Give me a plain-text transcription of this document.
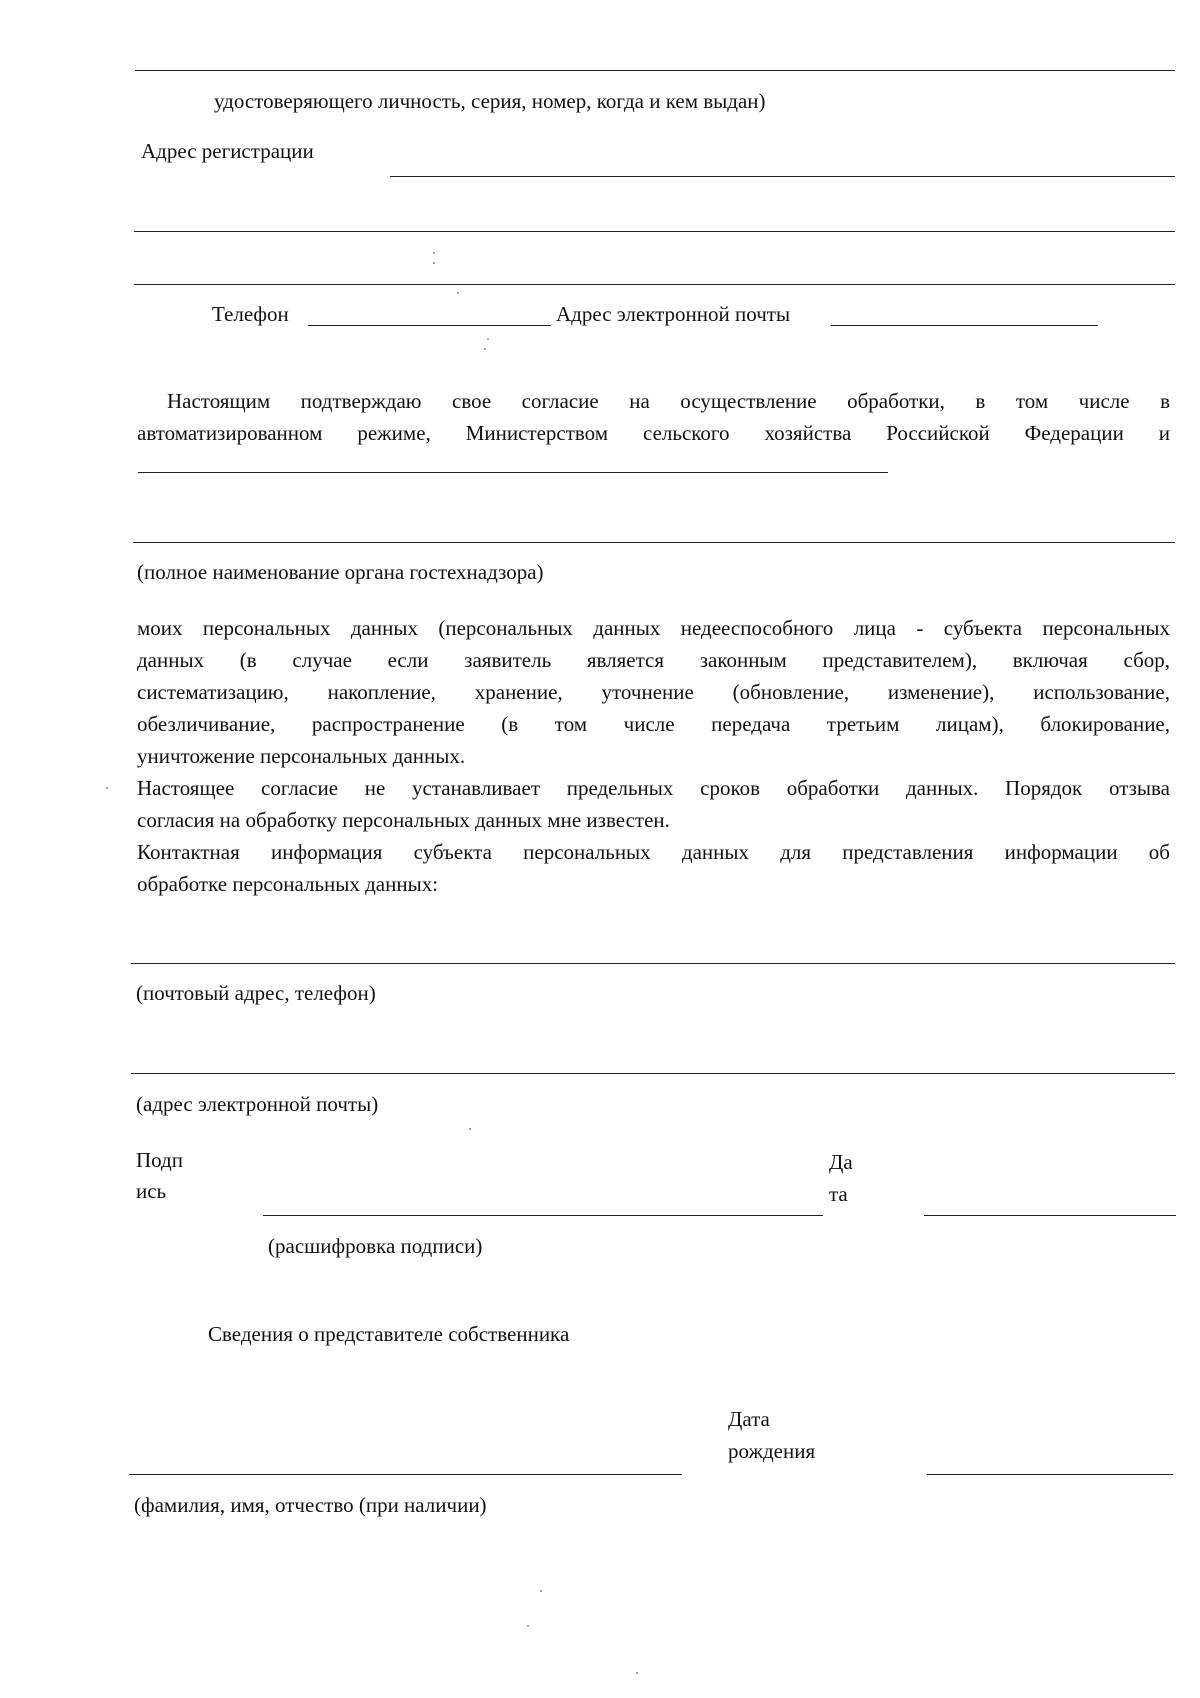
удостоверяющего личность, серия, номер, когда и кем выдан)
Адрес регистрации
Телефон	Адрес электронной почты
Настоящим подтверждаю свое согласие на осуществление обработки, в том числе в
автоматизированном режиме, Министерством сельского хозяйства Российской Федерации и
(полное наименование органа гостехнадзора)
моих персональных данных (персональных данных недееспособного лица - субъекта персональных
данных (в случае если заявитель является законным представителем), включая сбор,
систематизацию, накопление, хранение, уточнение (обновление, изменение), использование,
обезличивание, распространение (в том числе передача третьим лицам), блокирование,
уничтожение персональных данных.
Настоящее согласие не устанавливает предельных сроков обработки данных. Порядок отзыва
согласия на обработку персональных данных мне известен.
Контактная информация субъекта персональных данных для представления информации об
обработке персональных данных:
(почтовый адрес, телефон)
(адрес электронной почты)
Подп
ись
Да
та
(расшифровка подписи)
Сведения о представителе собственника
Дата
рождения
(фамилия, имя, отчество (при наличии)
